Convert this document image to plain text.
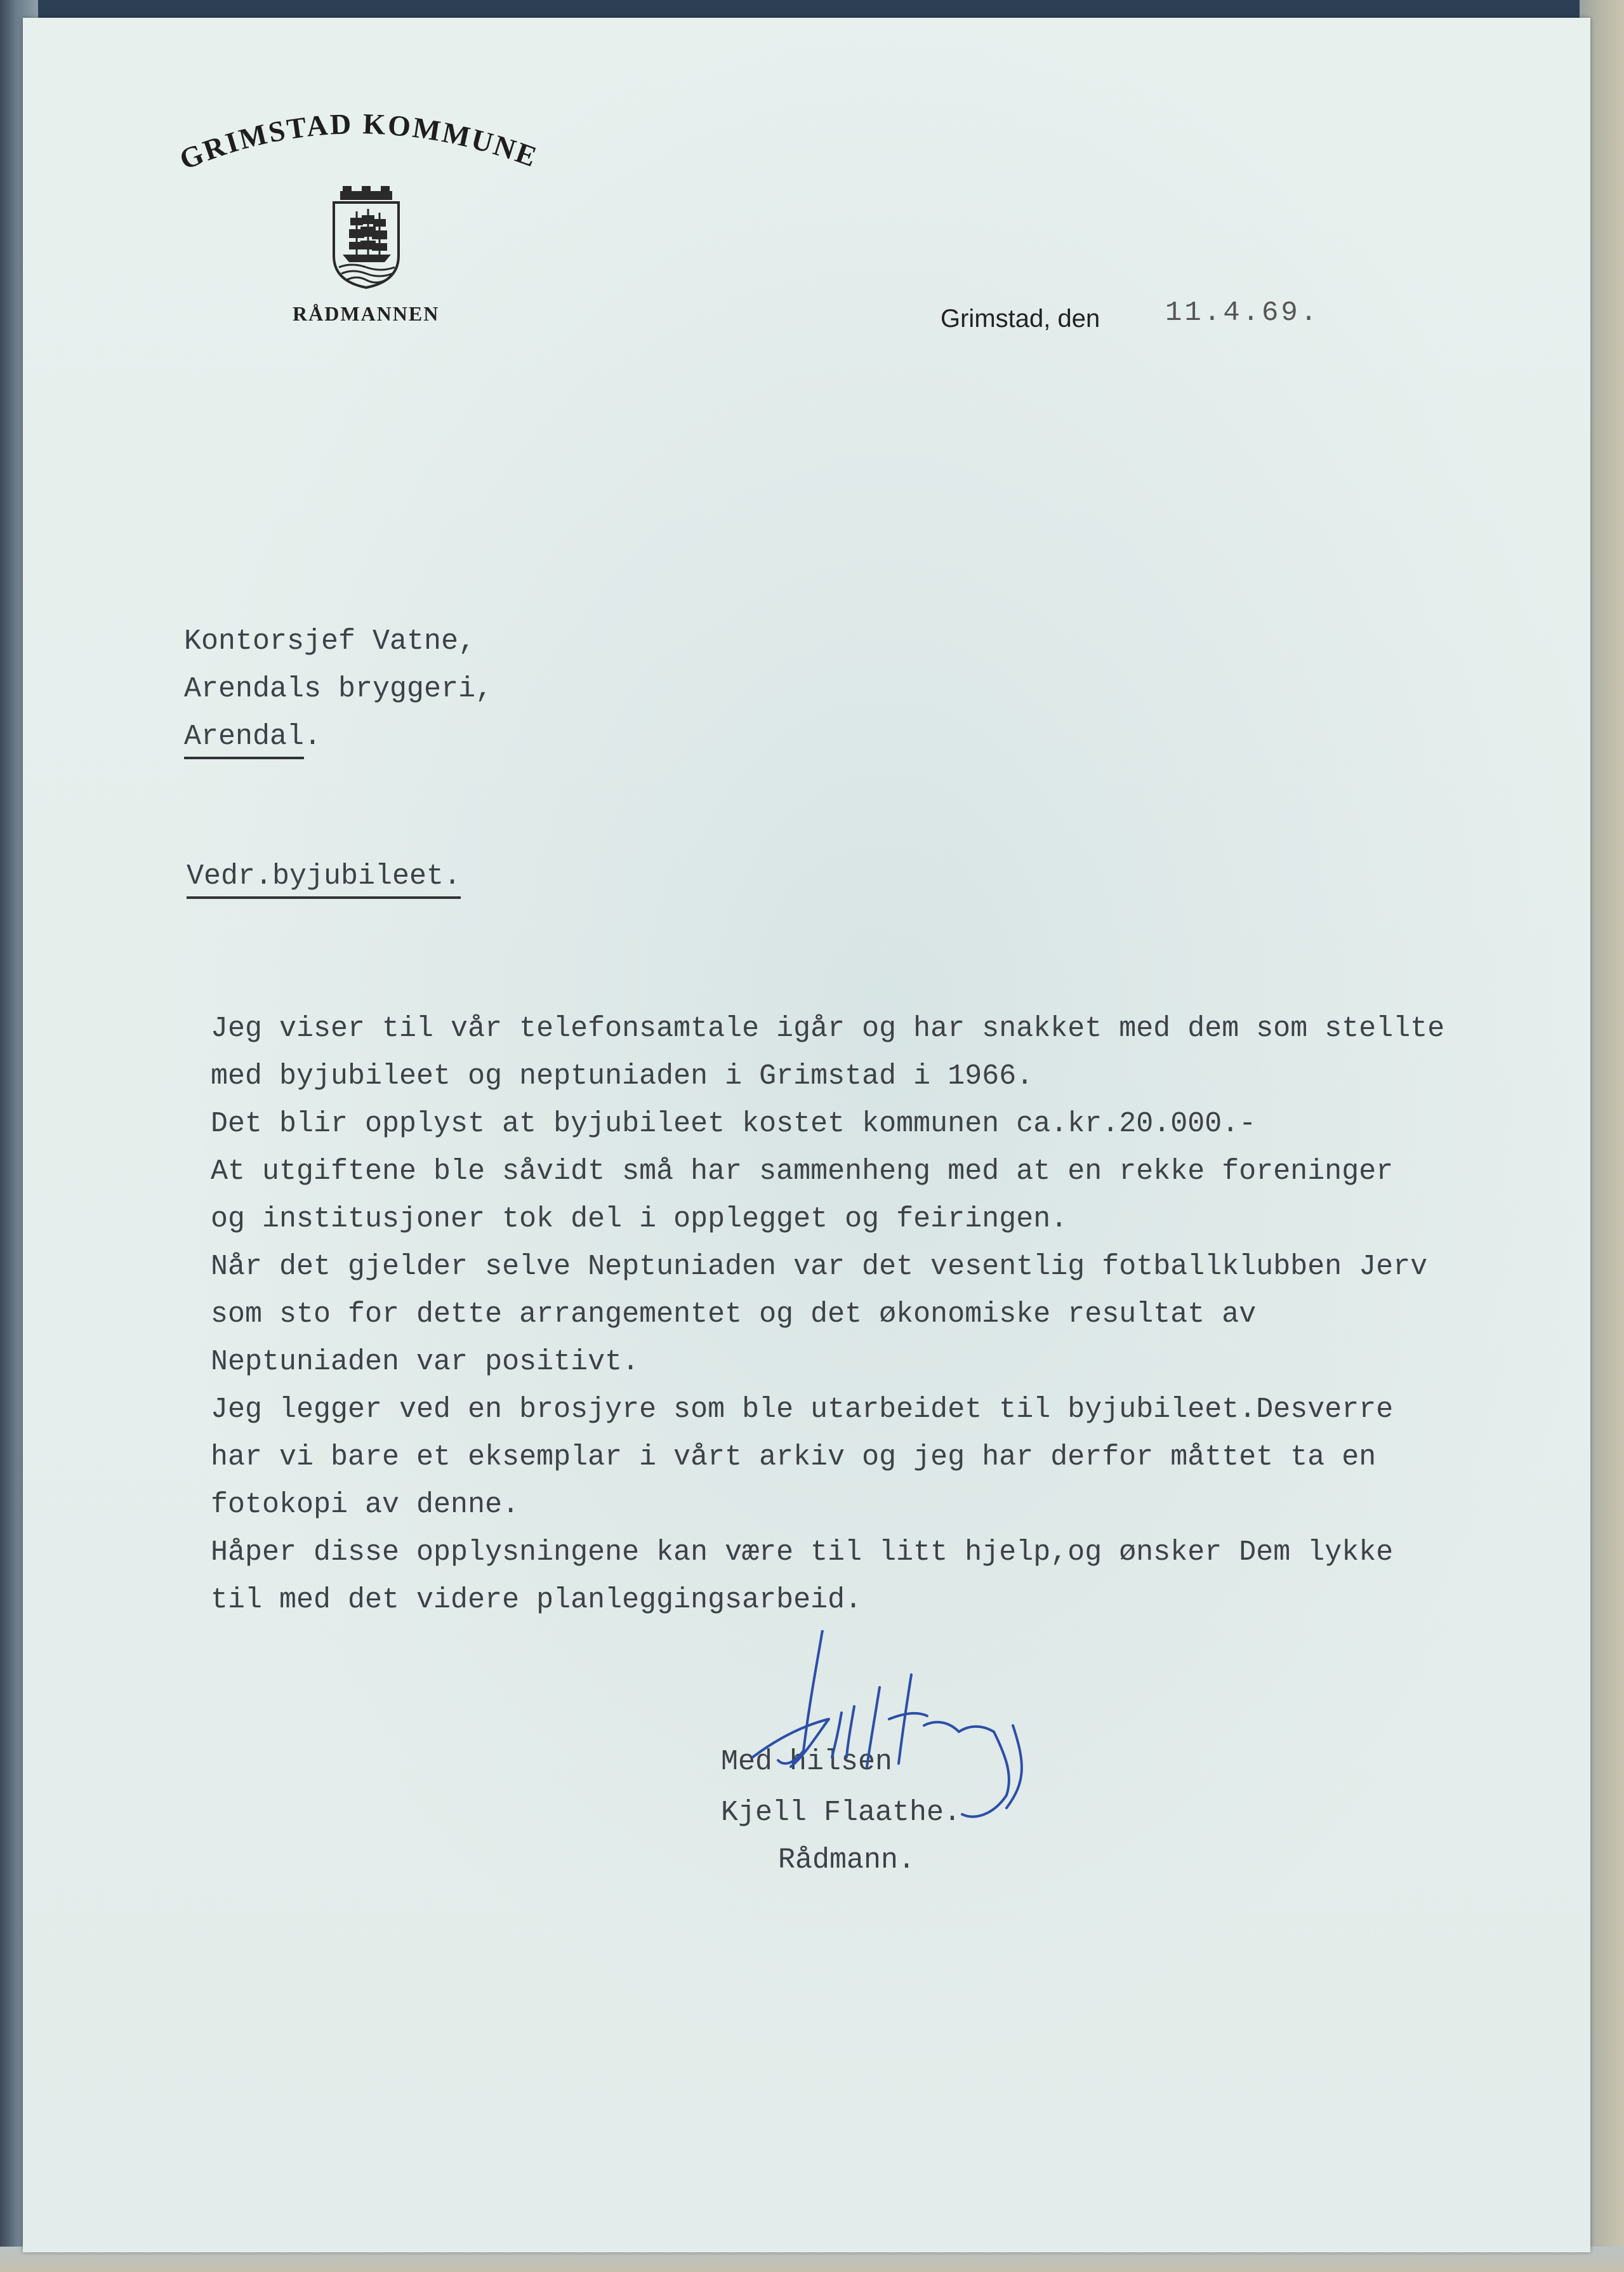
GRIMSTAD KOMMUNE
RÅDMANNEN	Grimstad, den 11.4.69.
Kontorsjef Vatne,
Arendals bryggeri,
Arendal.
Vedr.byjubileet.
Jeg viser til vår telefonsamtale igår og har snakket med dem som stellte
med byjubileet og neptuniaden i Grimstad i 1966.
Det blir opplyst at byjubileet kostet kommunen ca.kr.20.000.-
At utgiftene ble såvidt små har sammenheng med at en rekke foreninger
og institusjoner tok del i opplegget og feiringen.
Når det gjelder selve Neptuniaden var det vesentlig fotballklubben Jerv
som sto for dette arrangementet og det økonomiske resultat av
Neptuniaden var positivt.
Jeg legger ved en brosjyre som ble utarbeidet til byjubileet.Desverre
har vi bare et eksemplar i vårt arkiv og jeg har derfor måttet ta en
fotokopi av denne.
Håper disse opplysningene kan være til litt hjelp,og ønsker Dem lykke
til med det videre planleggingsarbeid.
Med hilsen
Kjell Flaathe.
Rådmann.
